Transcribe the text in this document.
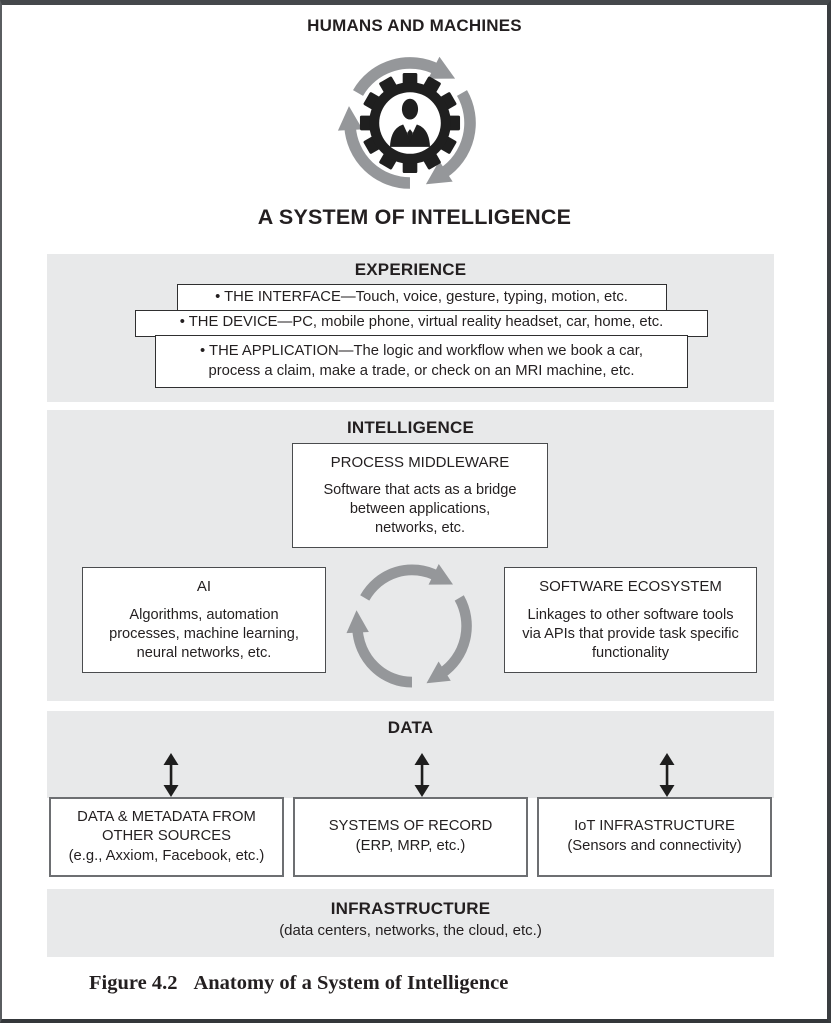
HUMANS AND MACHINES
A SYSTEM OF INTELLIGENCE
EXPERIENCE
• THE INTERFACE—Touch, voice, gesture, typing, motion, etc.
• THE DEVICE—PC, mobile phone, virtual reality headset, car, home, etc.
• THE APPLICATION—The logic and workflow when we book a car,
process a claim, make a trade, or check on an MRI machine, etc.
INTELLIGENCE
PROCESS MIDDLEWARE
Software that acts as a bridge
between applications,
networks, etc.
AI
Algorithms, automation
processes, machine learning,
neural networks, etc.
SOFTWARE ECOSYSTEM
Linkages to other software tools
via APIs that provide task specific
functionality
DATA
DATA & METADATA FROM
OTHER SOURCES
(e.g., Axxiom, Facebook, etc.)
SYSTEMS OF RECORD
(ERP, MRP, etc.)
IoT INFRASTRUCTURE
(Sensors and connectivity)
INFRASTRUCTURE
(data centers, networks, the cloud, etc.)
Figure 4.2 Anatomy of a System of Intelligence
